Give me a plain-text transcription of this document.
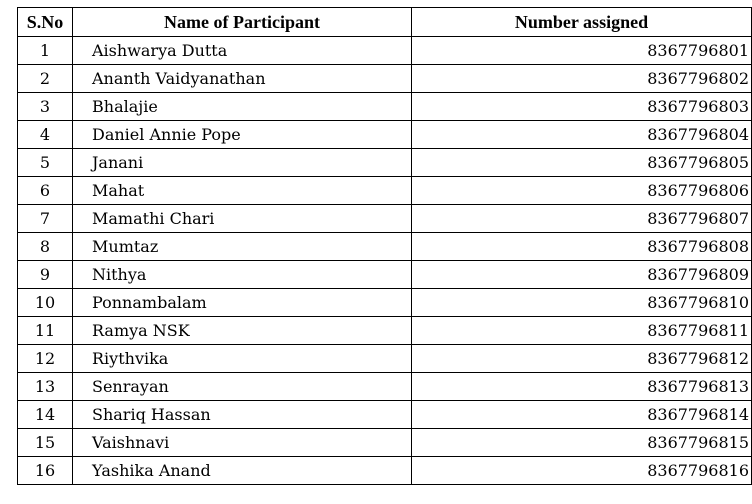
S.No	Name of Participant	Number assigned
1	Aishwarya Dutta	8367796801
2	Ananth Vaidyanathan	8367796802
3	Bhalajie	8367796803
4	Daniel Annie Pope	8367796804
5	Janani	8367796805
6	Mahat	8367796806
7	Mamathi Chari	8367796807
8	Mumtaz	8367796808
9	Nithya	8367796809
10	Ponnambalam	8367796810
11	Ramya NSK	8367796811
12	Riythvika	8367796812
13	Senrayan	8367796813
14	Shariq Hassan	8367796814
15	Vaishnavi	8367796815
16	Yashika Anand	8367796816
